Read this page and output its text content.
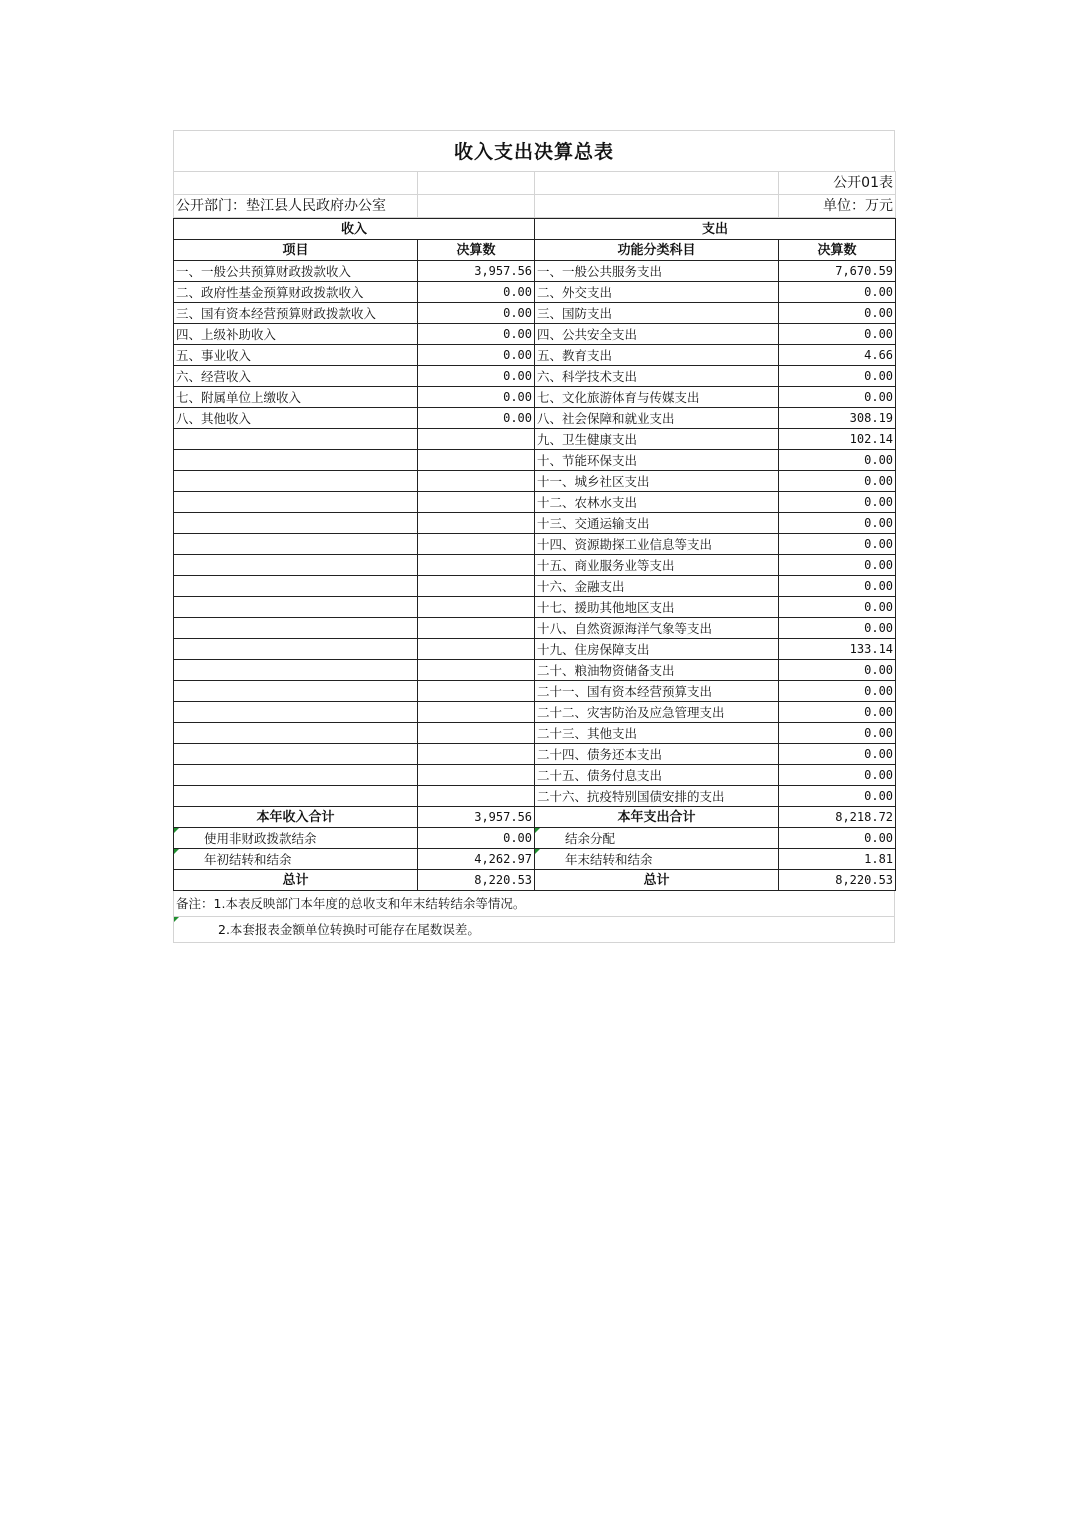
收入支出决算总表
			公开01表
公开部门：垫江县人民政府办公室			单位：万元
收入		支出	
项目	决算数	功能分类科目	决算数
一、一般公共预算财政拨款收入	3,957.56	一、一般公共服务支出	7,670.59
二、政府性基金预算财政拨款收入	0.00	二、外交支出	0.00
三、国有资本经营预算财政拨款收入	0.00	三、国防支出	0.00
四、上级补助收入	0.00	四、公共安全支出	0.00
五、事业收入	0.00	五、教育支出	4.66
六、经营收入	0.00	六、科学技术支出	0.00
七、附属单位上缴收入	0.00	七、文化旅游体育与传媒支出	0.00
八、其他收入	0.00	八、社会保障和就业支出	308.19
		九、卫生健康支出	102.14
		十、节能环保支出	0.00
		十一、城乡社区支出	0.00
		十二、农林水支出	0.00
		十三、交通运输支出	0.00
		十四、资源勘探工业信息等支出	0.00
		十五、商业服务业等支出	0.00
		十六、金融支出	0.00
		十七、援助其他地区支出	0.00
		十八、自然资源海洋气象等支出	0.00
		十九、住房保障支出	133.14
		二十、粮油物资储备支出	0.00
		二十一、国有资本经营预算支出	0.00
		二十二、灾害防治及应急管理支出	0.00
		二十三、其他支出	0.00
		二十四、债务还本支出	0.00
		二十五、债务付息支出	0.00
		二十六、抗疫特别国债安排的支出	0.00
本年收入合计	3,957.56	本年支出合计	8,218.72
使用非财政拨款结余	0.00	结余分配	0.00
年初结转和结余	4,262.97	年末结转和结余	1.81
总计	8,220.53	总计	8,220.53
备注：1.本表反映部门本年度的总收支和年末结转结余等情况。
2.本套报表金额单位转换时可能存在尾数误差。
